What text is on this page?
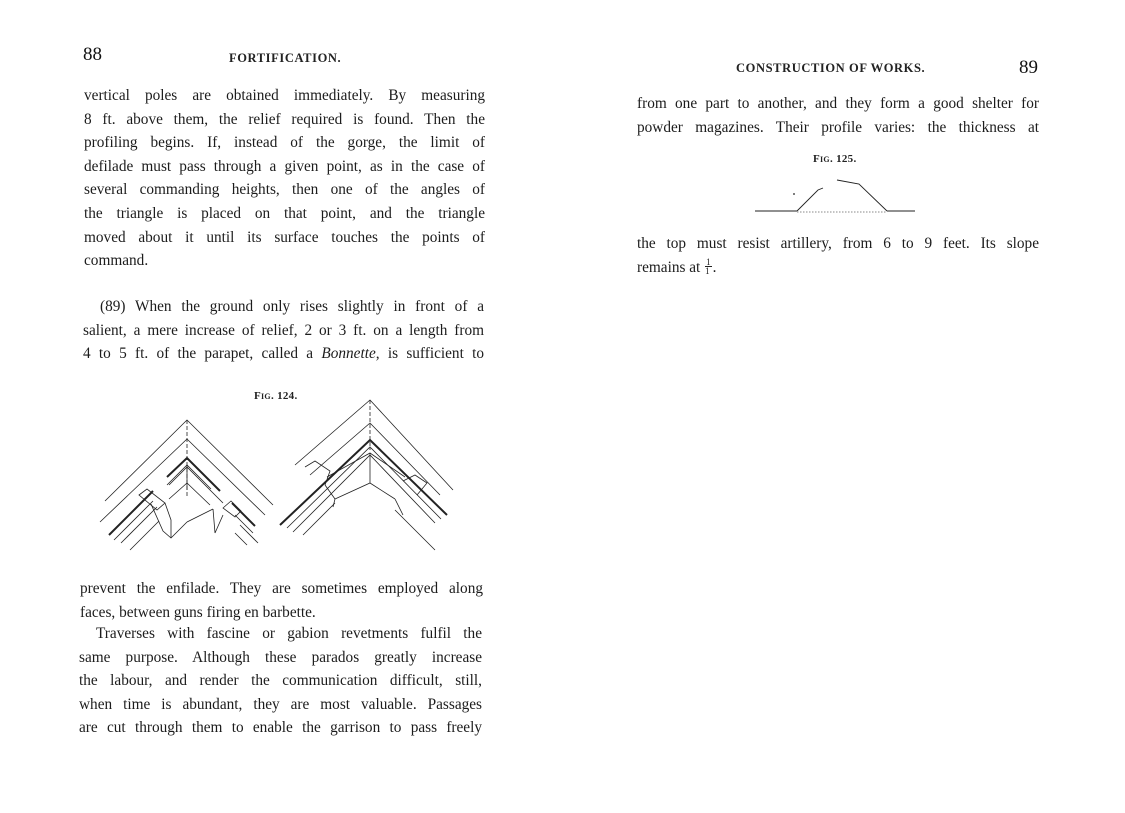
88	FORTIFICATION.
vertical poles are obtained immediately. By measuring
8 ft. above them, the relief required is found. Then the
profiling begins. If, instead of the gorge, the limit of
defilade must pass through a given point, as in the case of
several commanding heights, then one of the angles of
the triangle is placed on that point, and the triangle
moved about it until its surface touches the points of
command.
(89) When the ground only rises slightly in front of a
salient, a mere increase of relief, 2 or 3 ft. on a length from
4 to 5 ft. of the parapet, called a Bonnette, is sufficient to
Fig. 124.
prevent the enfilade. They are sometimes employed along
faces, between guns firing en barbette.
Traverses with fascine or gabion revetments fulfil the
same purpose. Although these parados greatly increase
the labour, and render the communication difficult, still,
when time is abundant, they are most valuable. Passages
are cut through them to enable the garrison to pass freely
CONSTRUCTION OF WORKS.	89
from one part to another, and they form a good shelter for
powder magazines. Their profile varies: the thickness at
Fig. 125.
the top must resist artillery, from 6 to 9 feet. Its slope
remains at $\frac{1}{1}$ .
